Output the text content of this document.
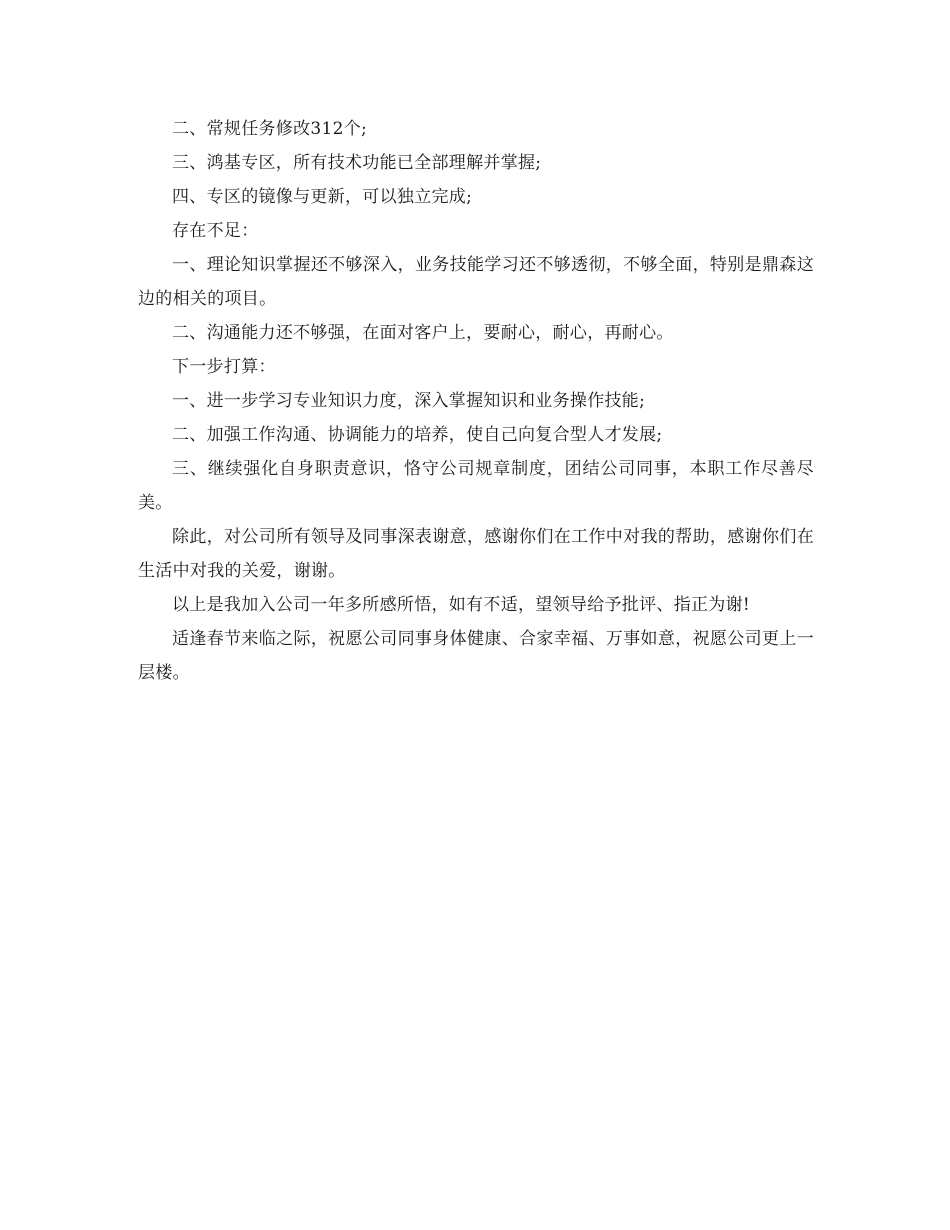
二、常规任务修改312个;

三、鸿基专区，所有技术功能已全部理解并掌握;

四、专区的镜像与更新，可以独立完成;

存在不足：

一、理论知识掌握还不够深入，业务技能学习还不够透彻，不够全面，特别是鼎森这边的相关的项目。

二、沟通能力还不够强，在面对客户上，要耐心，耐心，再耐心。

下一步打算：

一、进一步学习专业知识力度，深入掌握知识和业务操作技能;

二、加强工作沟通、协调能力的培养，使自己向复合型人才发展;

三、继续强化自身职责意识，恪守公司规章制度，团结公司同事，本职工作尽善尽美。

除此，对公司所有领导及同事深表谢意，感谢你们在工作中对我的帮助，感谢你们在生活中对我的关爱，谢谢。

以上是我加入公司一年多所感所悟，如有不适，望领导给予批评、指正为谢!

适逢春节来临之际，祝愿公司同事身体健康、合家幸福、万事如意，祝愿公司更上一层楼。
